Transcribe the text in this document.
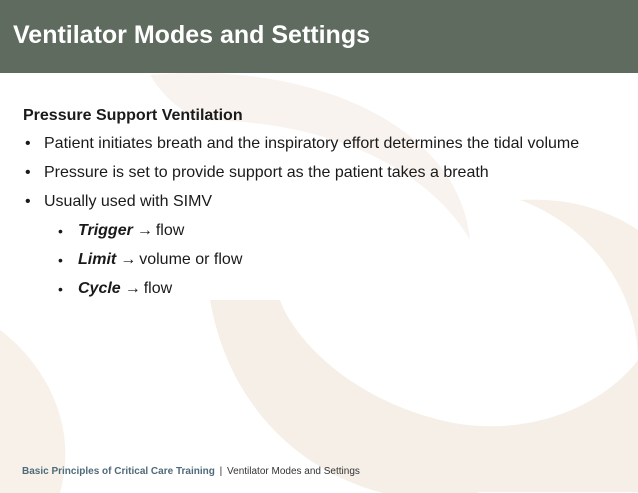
Ventilator Modes and Settings
Pressure Support Ventilation
• Patient initiates breath and the inspiratory effort determines the tidal volume
• Pressure is set to provide support as the patient takes a breath
• Usually used with SIMV
• Trigger → flow
• Limit → volume or flow
• Cycle → flow
Basic Principles of Critical Care Training | Ventilator Modes and Settings
